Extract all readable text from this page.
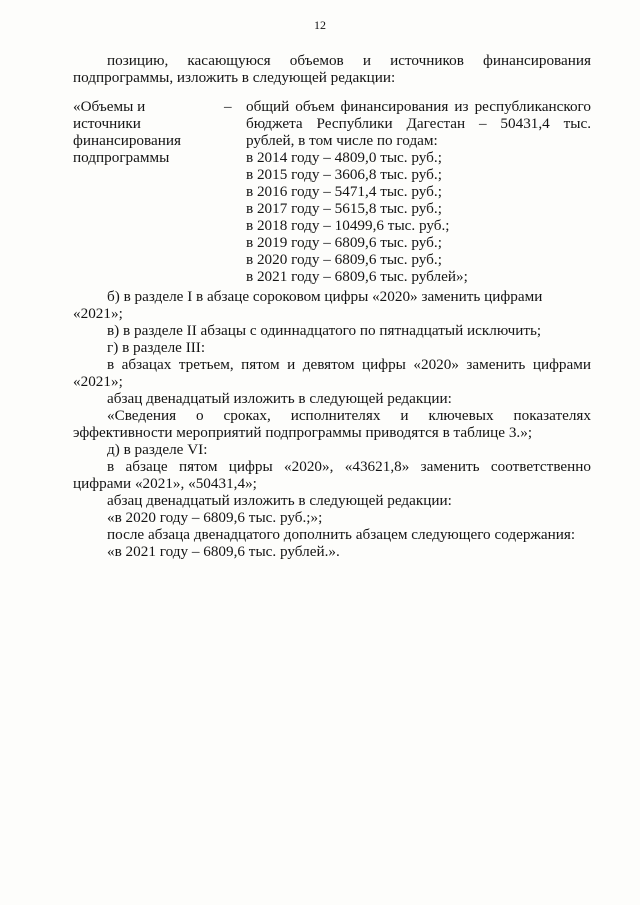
12
позицию, касающуюся объемов и источников финансирования
подпрограммы, изложить в следующей редакции:
«Объемы и
источники
финансирования
подпрограммы
– общий объем финансирования из республиканского
бюджета Республики Дагестан – 50431,4 тыс.
рублей, в том числе по годам:
в 2014 году – 4809,0 тыс. руб.;
в 2015 году – 3606,8 тыс. руб.;
в 2016 году – 5471,4 тыс. руб.;
в 2017 году – 5615,8 тыс. руб.;
в 2018 году – 10499,6 тыс. руб.;
в 2019 году – 6809,6 тыс. руб.;
в 2020 году – 6809,6 тыс. руб.;
в 2021 году – 6809,6 тыс. рублей»;

б) в разделе I в абзаце сороковом цифры «2020» заменить цифрами «2021»;

в) в разделе II абзацы с одиннадцатого по пятнадцатый исключить;

г) в разделе III:

в абзацах третьем, пятом и девятом цифры «2020» заменить цифрами «2021»;

абзац двенадцатый изложить в следующей редакции:

«Сведения о сроках, исполнителях и ключевых показателях эффективности мероприятий подпрограммы приводятся в таблице 3.»;

д) в разделе VI:

в абзаце пятом цифры «2020», «43621,8» заменить соответственно цифрами «2021», «50431,4»;

абзац двенадцатый изложить в следующей редакции:

«в 2020 году – 6809,6 тыс. руб.;»;

после абзаца двенадцатого дополнить абзацем следующего содержания:

«в 2021 году – 6809,6 тыс. рублей.».
